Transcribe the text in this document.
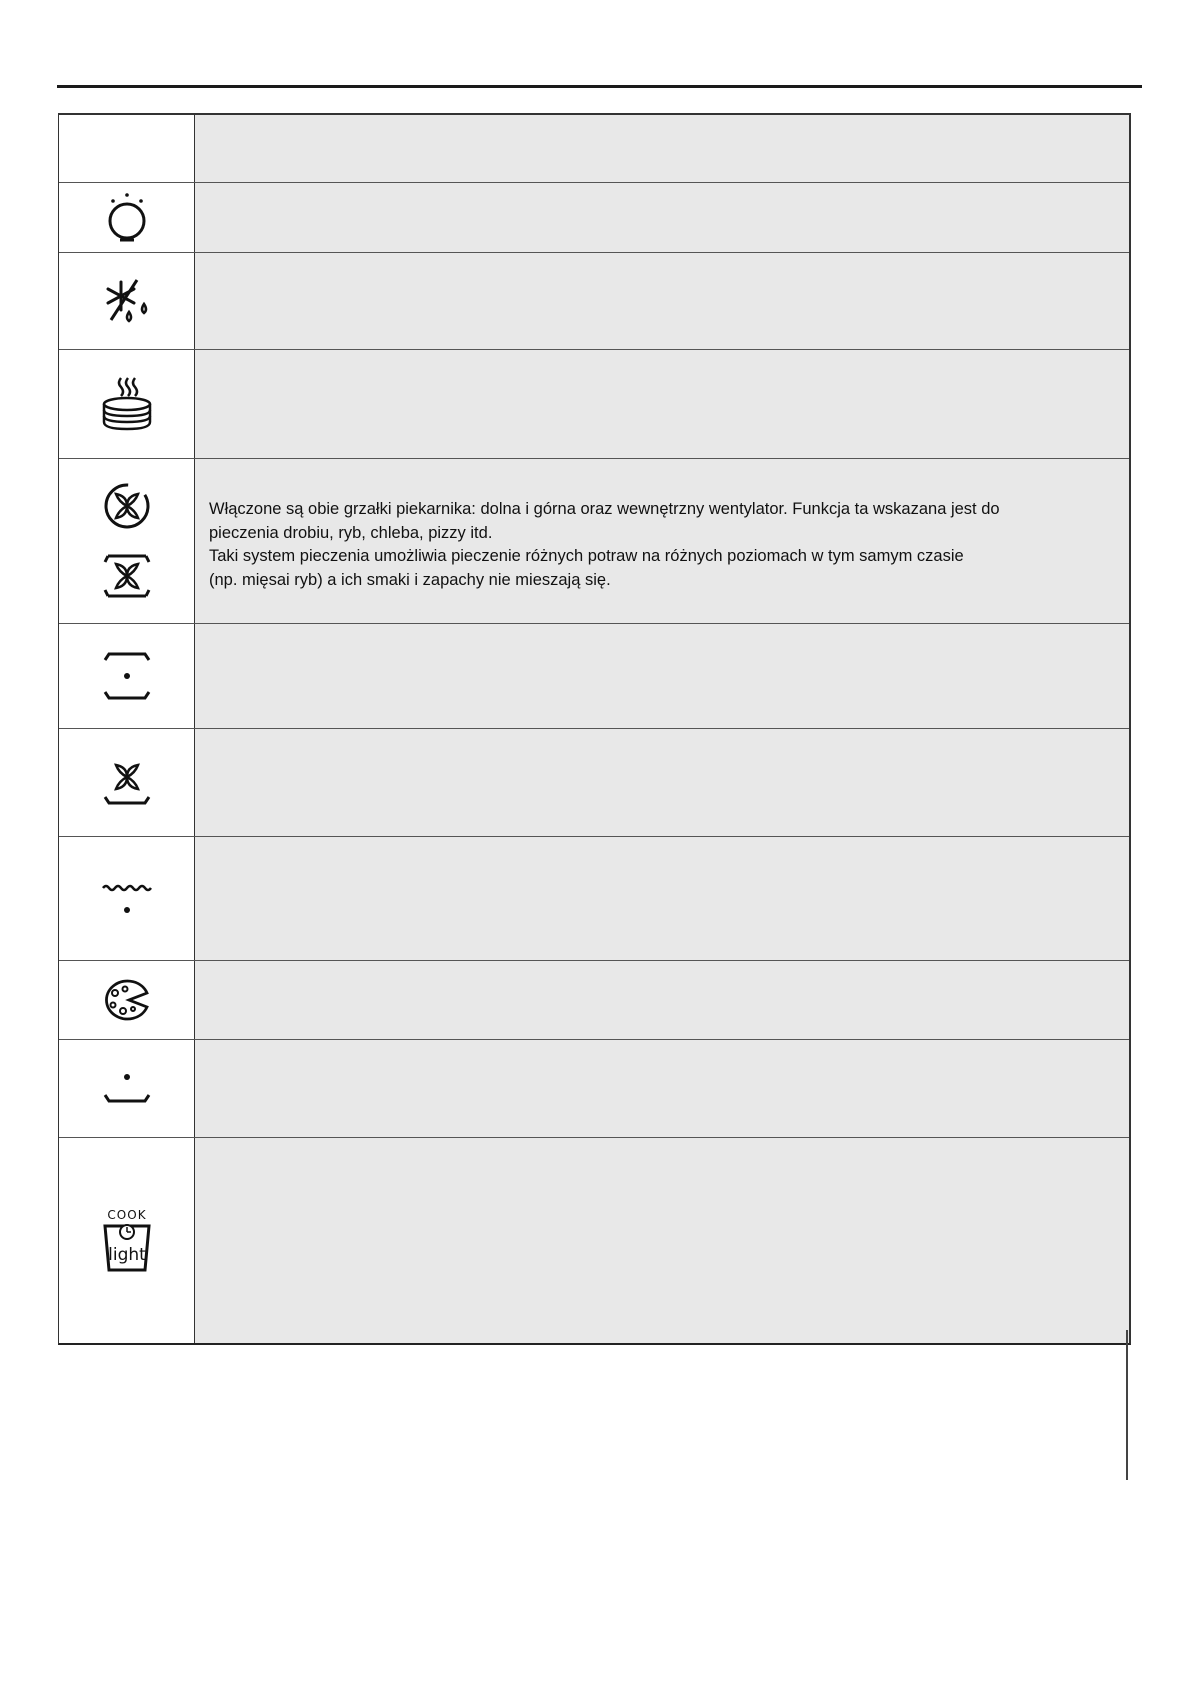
Włączone są obie grzałki piekarnika: dolna i górna oraz wewnętrzny wentylator. Funkcja ta wskazana jest do

pieczenia drobiu, ryb, chleba, pizzy itd.

Taki system pieczenia umożliwia pieczenie różnych potraw na różnych poziomach w tym samym czasie

(np. mięsai ryb) a ich smaki i zapachy nie mieszają się.

COOK
light
